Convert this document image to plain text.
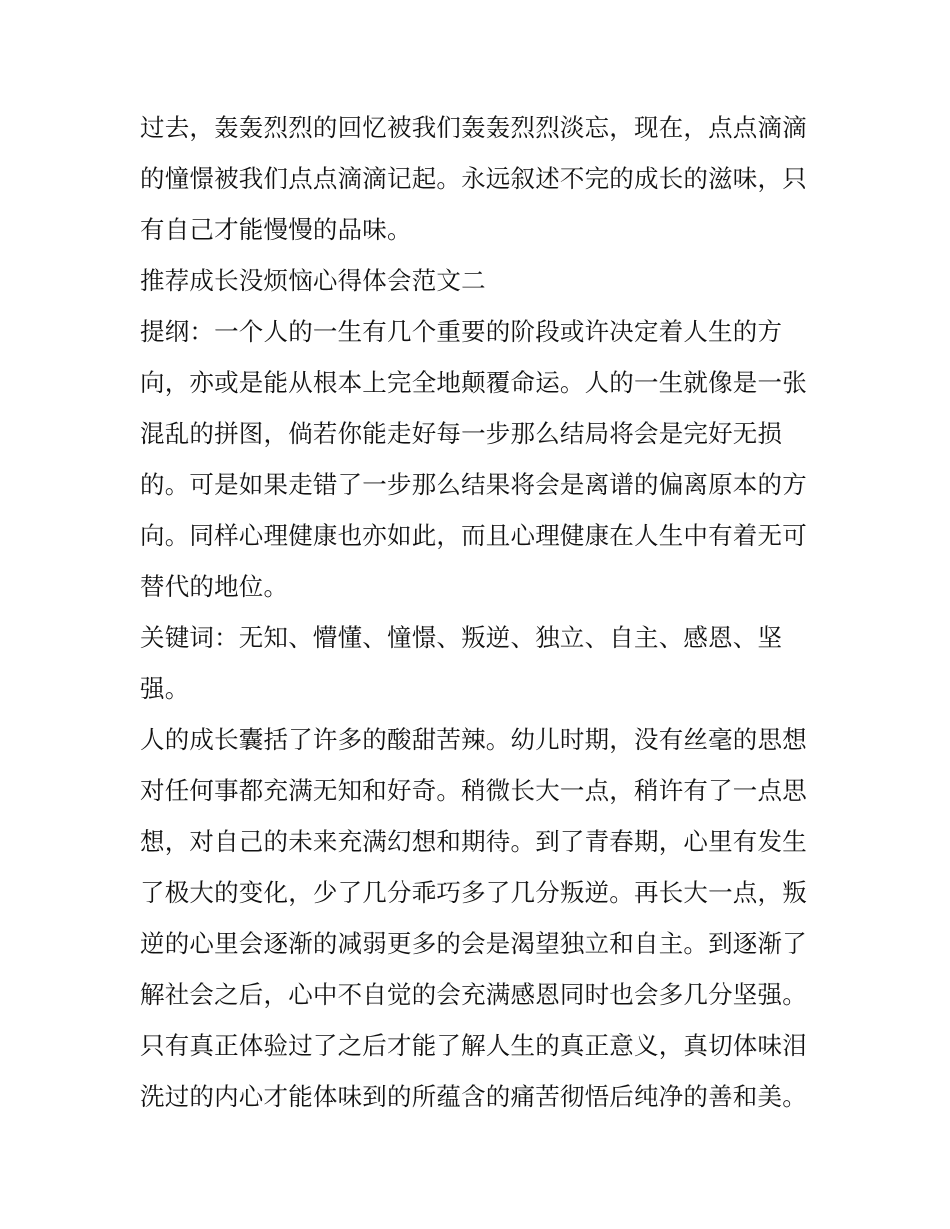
过去，轰轰烈烈的回忆被我们轰轰烈烈淡忘，现在，点点滴滴
的憧憬被我们点点滴滴记起。永远叙述不完的成长的滋味，只
有自己才能慢慢的品味。
推荐成长没烦恼心得体会范文二
提纲：一个人的一生有几个重要的阶段或许决定着人生的方
向，亦或是能从根本上完全地颠覆命运。人的一生就像是一张
混乱的拼图，倘若你能走好每一步那么结局将会是完好无损
的。可是如果走错了一步那么结果将会是离谱的偏离原本的方
向。同样心理健康也亦如此，而且心理健康在人生中有着无可
替代的地位。
关键词：无知、懵懂、憧憬、叛逆、独立、自主、感恩、坚
强。
人的成长囊括了许多的酸甜苦辣。幼儿时期，没有丝毫的思想
对任何事都充满无知和好奇。稍微长大一点，稍许有了一点思
想，对自己的未来充满幻想和期待。到了青春期，心里有发生
了极大的变化，少了几分乖巧多了几分叛逆。再长大一点，叛
逆的心里会逐渐的减弱更多的会是渴望独立和自主。到逐渐了
解社会之后，心中不自觉的会充满感恩同时也会多几分坚强。
只有真正体验过了之后才能了解人生的真正意义，真切体味泪
洗过的内心才能体味到的所蕴含的痛苦彻悟后纯净的善和美。
